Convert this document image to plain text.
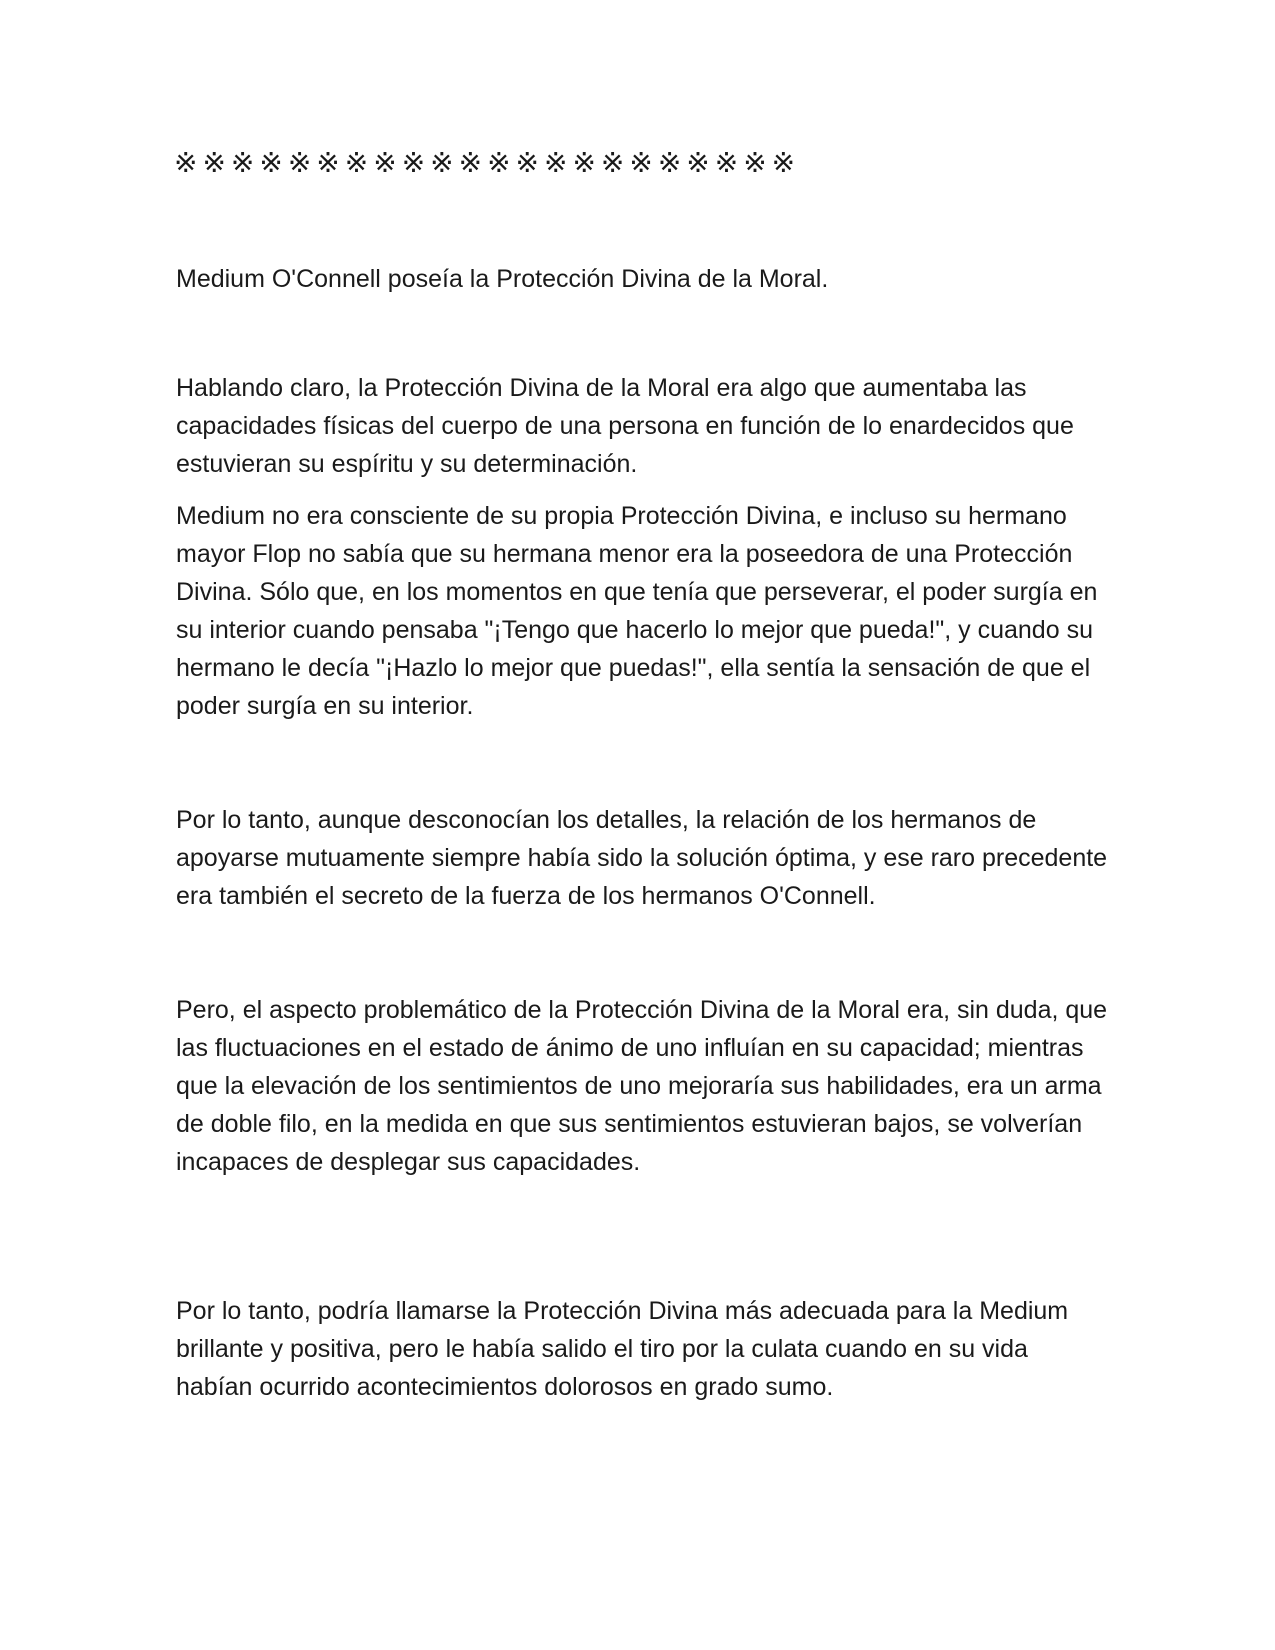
※※※※※※※※※※※※※※※※※※※※※※

Medium O'Connell poseía la Protección Divina de la Moral.

Hablando claro, la Protección Divina de la Moral era algo que aumentaba las capacidades físicas del cuerpo de una persona en función de lo enardecidos que estuvieran su espíritu y su determinación.

Medium no era consciente de su propia Protección Divina, e incluso su hermano mayor Flop no sabía que su hermana menor era la poseedora de una Protección Divina. Sólo que, en los momentos en que tenía que perseverar, el poder surgía en su interior cuando pensaba "¡Tengo que hacerlo lo mejor que pueda!", y cuando su hermano le decía "¡Hazlo lo mejor que puedas!", ella sentía la sensación de que el poder surgía en su interior.

Por lo tanto, aunque desconocían los detalles, la relación de los hermanos de apoyarse mutuamente siempre había sido la solución óptima, y ese raro precedente era también el secreto de la fuerza de los hermanos O'Connell.

Pero, el aspecto problemático de la Protección Divina de la Moral era, sin duda, que las fluctuaciones en el estado de ánimo de uno influían en su capacidad; mientras que la elevación de los sentimientos de uno mejoraría sus habilidades, era un arma de doble filo, en la medida en que sus sentimientos estuvieran bajos, se volverían incapaces de desplegar sus capacidades.

Por lo tanto, podría llamarse la Protección Divina más adecuada para la Medium brillante y positiva, pero le había salido el tiro por la culata cuando en su vida habían ocurrido acontecimientos dolorosos en grado sumo.
